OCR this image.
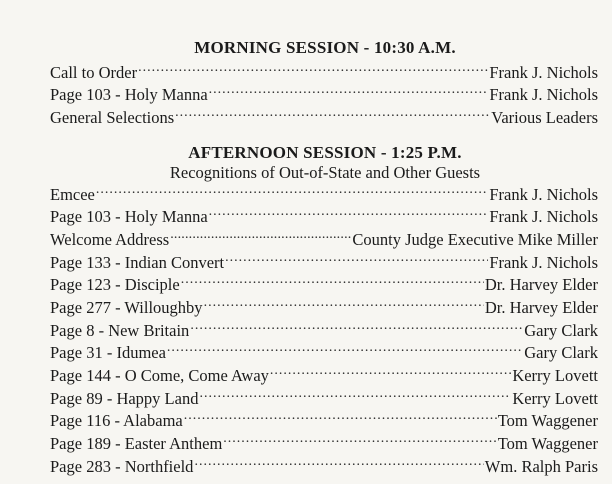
MORNING SESSION - 10:30 A.M.
Call to Order .....	Frank J. Nichols
Page 103 - Holy Manna .....	Frank J. Nichols
General Selections .....	Various Leaders
AFTERNOON SESSION - 1:25 P.M.
Recognitions of Out-of-State and Other Guests
Emcee .....	Frank J. Nichols
Page 103 - Holy Manna .....	Frank J. Nichols
Welcome Address .....	County Judge Executive Mike Miller
Page 133 - Indian Convert .....	Frank J. Nichols
Page 123 - Disciple .....	Dr. Harvey Elder
Page 277 - Willoughby .....	Dr. Harvey Elder
Page 8 - New Britain .....	Gary Clark
Page 31 - Idumea .....	Gary Clark
Page 144 - O Come, Come Away .....	Kerry Lovett
Page 89 - Happy Land .....	Kerry Lovett
Page 116 - Alabama .....	Tom Waggener
Page 189 - Easter Anthem .....	Tom Waggener
Page 283 - Northfield .....	Wm. Ralph Paris
